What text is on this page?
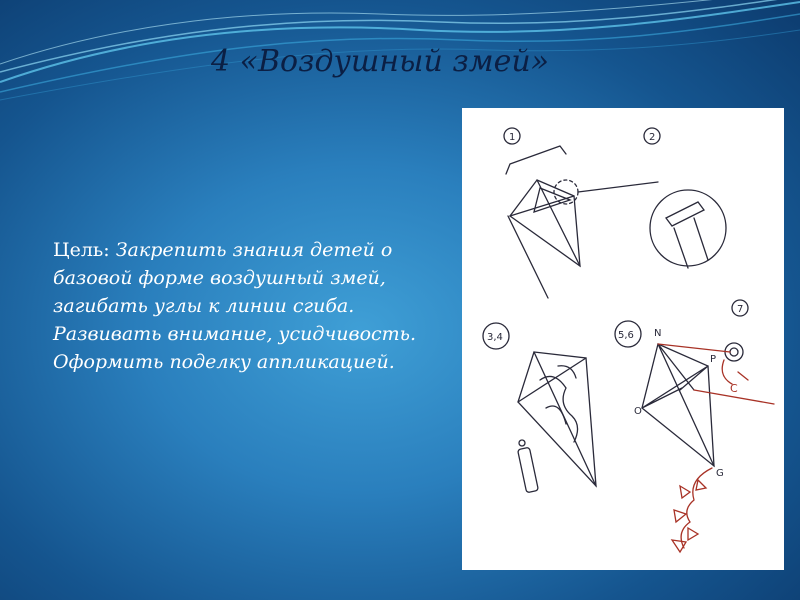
4 «Воздушный змей»

Цель: Закрепить знания детей о базовой форме воздушный змей, загибать углы к линии сгиба. Развивать внимание, усидчивость. Оформить поделку аппликацией.

1	2
3,4	5,6
7
N
P
O
G
C
